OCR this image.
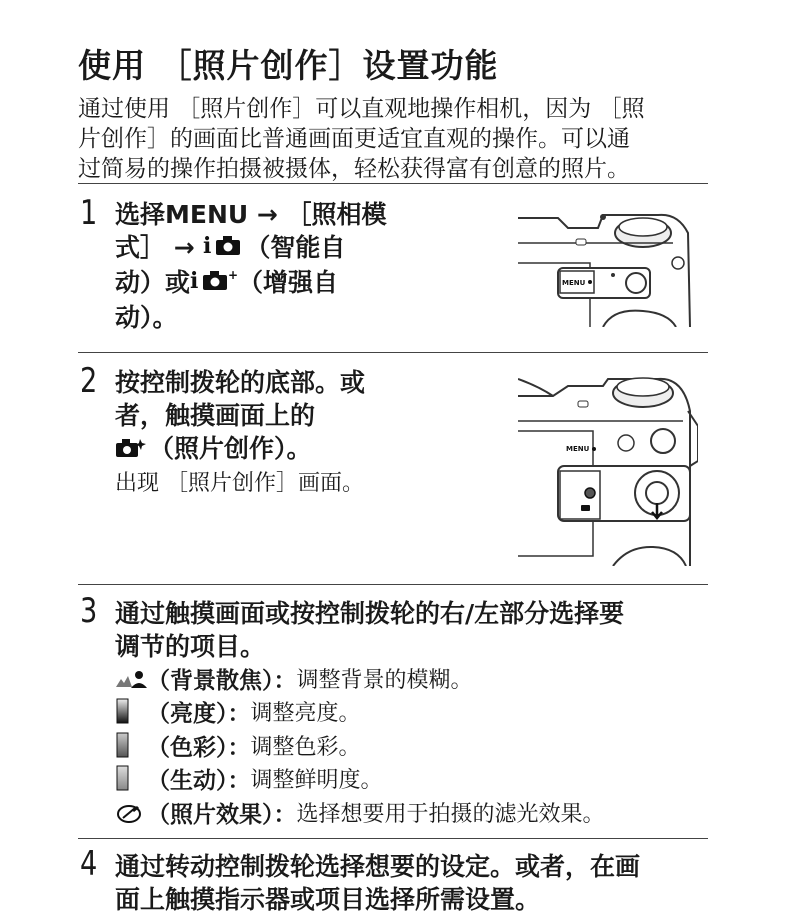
使用 ［照片创作］设置功能
通过使用 ［照片创作］可以直观地操作相机，因为 ［照
片创作］的画面比普通画面更适宜直观的操作。可以通
过简易的操作拍摄被摄体，轻松获得富有创意的照片。
1 选择MENU → ［照相模
式］ → i （智能自
动）或 i + （增强自
动）。
MENU
2 按控制拨轮的底部。或
者，触摸画面上的
（照片创作）。
出现 ［照片创作］画面。
MENU
3 通过触摸画面或按控制拨轮的右/左部分选择要
调节的项目。
（背景散焦）： 调整背景的模糊。
（亮度）： 调整亮度。
（色彩）： 调整色彩。
（生动）： 调整鲜明度。
（照片效果）： 选择想要用于拍摄的滤光效果。
4 通过转动控制拨轮选择想要的设定。或者，在画
面上触摸指示器或项目选择所需设置。
